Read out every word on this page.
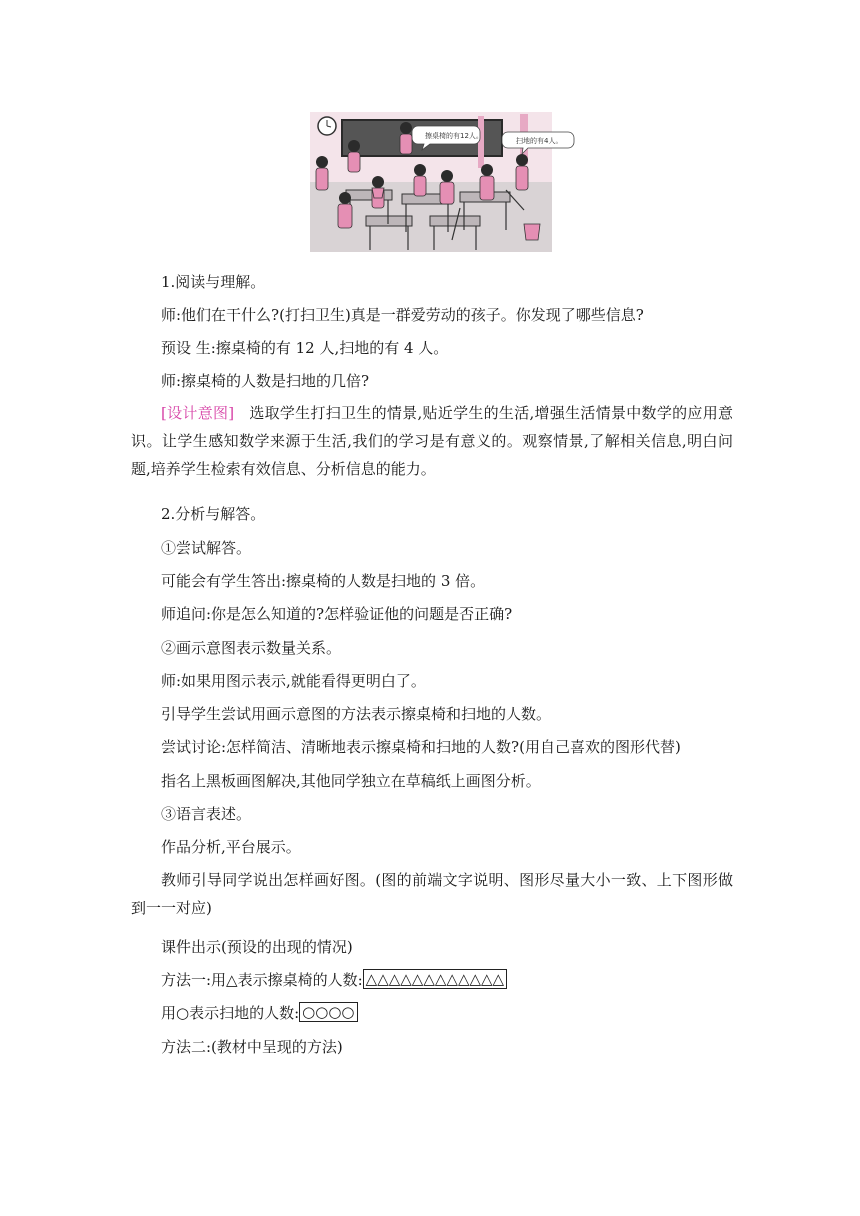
擦桌椅的有12人。
扫地的有4人。
1.阅读与理解。
师:他们在干什么?(打扫卫生)真是一群爱劳动的孩子。你发现了哪些信息?
预设 生:擦桌椅的有 12 人,扫地的有 4 人。
师:擦桌椅的人数是扫地的几倍?
[设计意图] 选取学生打扫卫生的情景,贴近学生的生活,增强生活情景中数学的应用意识。让学生感知数学来源于生活,我们的学习是有意义的。观察情景,了解相关信息,明白问题,培养学生检索有效信息、分析信息的能力。
2.分析与解答。
①尝试解答。
可能会有学生答出:擦桌椅的人数是扫地的 3 倍。
师追问:你是怎么知道的?怎样验证他的问题是否正确?
②画示意图表示数量关系。
师:如果用图示表示,就能看得更明白了。
引导学生尝试用画示意图的方法表示擦桌椅和扫地的人数。
尝试讨论:怎样简洁、清晰地表示擦桌椅和扫地的人数?(用自己喜欢的图形代替)
指名上黑板画图解决,其他同学独立在草稿纸上画图分析。
③语言表述。
作品分析,平台展示。
教师引导同学说出怎样画好图。(图的前端文字说明、图形尽量大小一致、上下图形做到一一对应)
课件出示(预设的出现的情况)
方法一:用△表示擦桌椅的人数: △△△△△△△△△△△△
用○表示扫地的人数: ○○○○
方法二:(教材中呈现的方法)
